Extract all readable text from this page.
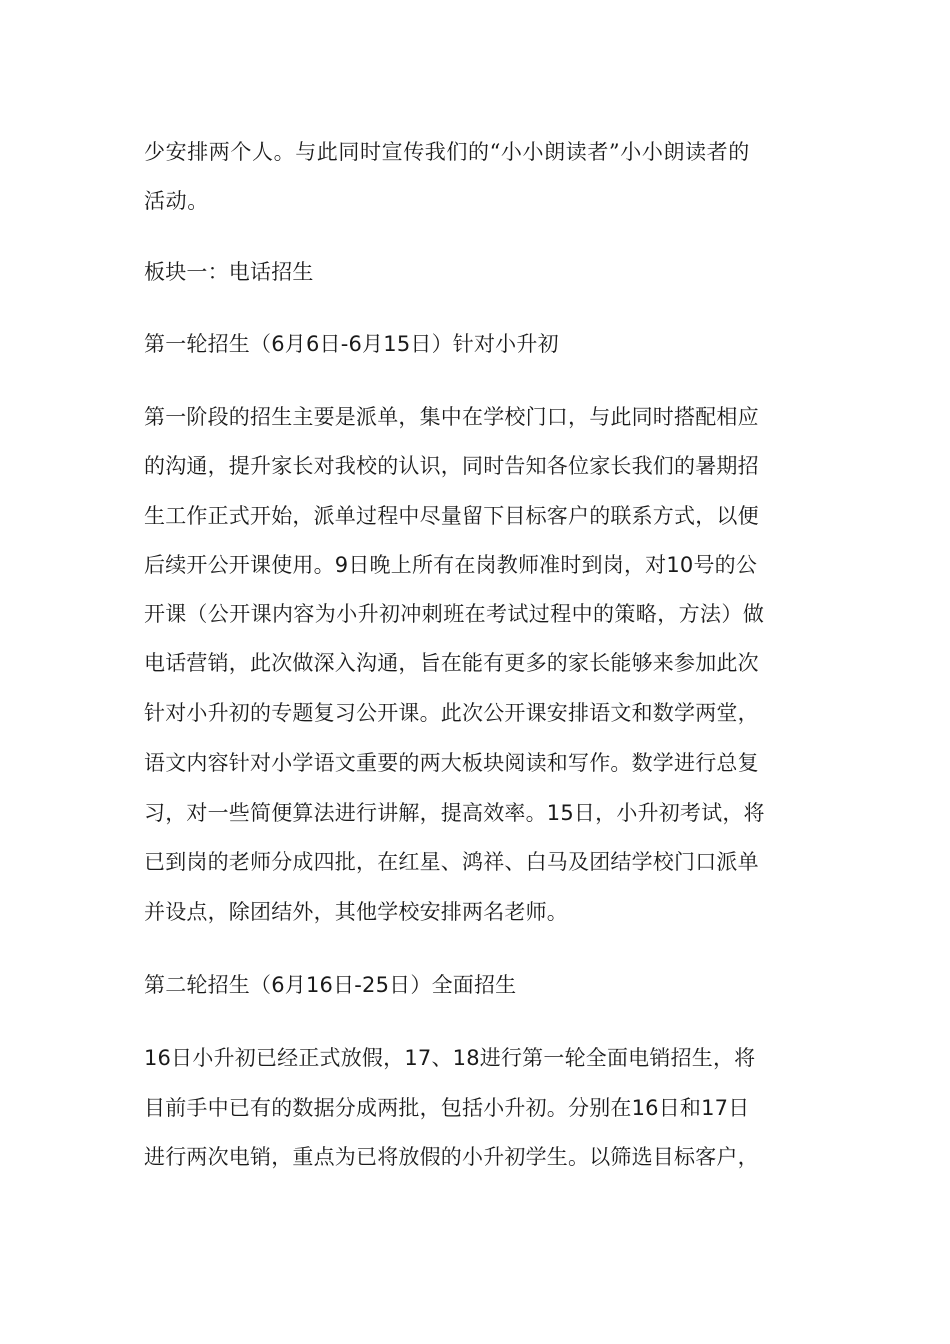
少安排两个人。与此同时宣传我们的“小小朗读者”小小朗读者的
活动。
板块一：电话招生
第一轮招生（6月6日-6月15日）针对小升初
第一阶段的招生主要是派单，集中在学校门口，与此同时搭配相应
的沟通，提升家长对我校的认识，同时告知各位家长我们的暑期招
生工作正式开始，派单过程中尽量留下目标客户的联系方式，以便
后续开公开课使用。9日晚上所有在岗教师准时到岗，对10号的公
开课（公开课内容为小升初冲刺班在考试过程中的策略，方法）做
电话营销，此次做深入沟通，旨在能有更多的家长能够来参加此次
针对小升初的专题复习公开课。此次公开课安排语文和数学两堂，
语文内容针对小学语文重要的两大板块阅读和写作。数学进行总复
习，对一些简便算法进行讲解，提高效率。15日，小升初考试，将
已到岗的老师分成四批，在红星、鸿祥、白马及团结学校门口派单
并设点，除团结外，其他学校安排两名老师。
第二轮招生（6月16日-25日）全面招生
16日小升初已经正式放假，17、18进行第一轮全面电销招生，将
目前手中已有的数据分成两批，包括小升初。分别在16日和17日
进行两次电销，重点为已将放假的小升初学生。以筛选目标客户，
